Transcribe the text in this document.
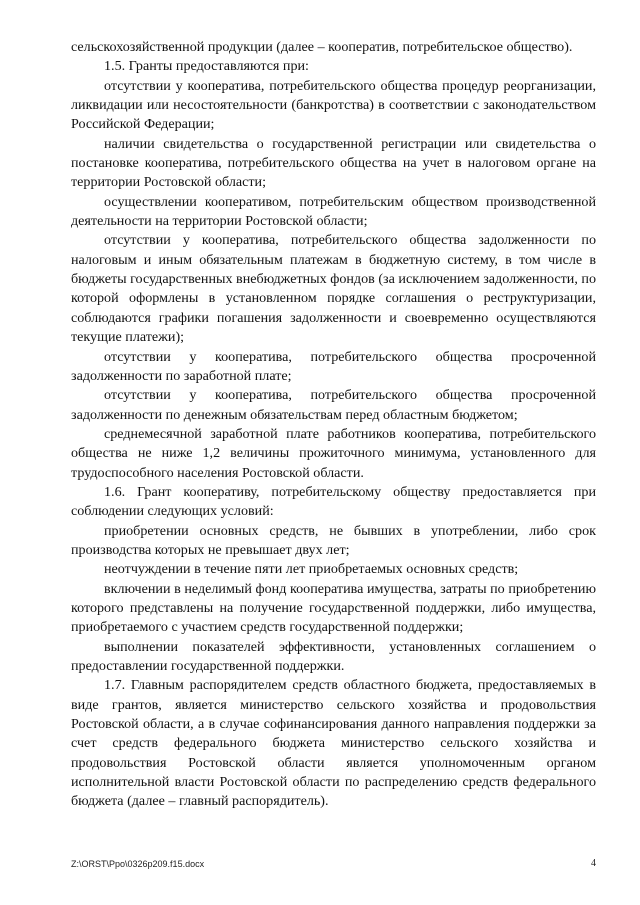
сельскохозяйственной продукции (далее – кооператив, потребительское общество).

1.5. Гранты предоставляются при:

отсутствии у кооператива, потребительского общества процедур реорганизации, ликвидации или несостоятельности (банкротства) в соответствии с законодательством Российской Федерации;

наличии свидетельства о государственной регистрации или свидетельства о постановке кооператива, потребительского общества на учет в налоговом органе на территории Ростовской области;

осуществлении кооперативом, потребительским обществом производственной деятельности на территории Ростовской области;

отсутствии у кооператива, потребительского общества задолженности по налоговым и иным обязательным платежам в бюджетную систему, в том числе в бюджеты государственных внебюджетных фондов (за исключением задолженности, по которой оформлены в установленном порядке соглашения о реструктуризации, соблюдаются графики погашения задолженности и своевременно осуществляются текущие платежи);

отсутствии у кооператива, потребительского общества просроченной задолженности по заработной плате;

отсутствии у кооператива, потребительского общества просроченной задолженности по денежным обязательствам перед областным бюджетом;

среднемесячной заработной плате работников кооператива, потребительского общества не ниже 1,2 величины прожиточного минимума, установленного для трудоспособного населения Ростовской области.

1.6. Грант кооперативу, потребительскому обществу предоставляется при соблюдении следующих условий:

приобретении основных средств, не бывших в употреблении, либо срок производства которых не превышает двух лет;

неотчуждении в течение пяти лет приобретаемых основных средств;

включении в неделимый фонд кооператива имущества, затраты по приобретению которого представлены на получение государственной поддержки, либо имущества, приобретаемого с участием средств государственной поддержки;

выполнении показателей эффективности, установленных соглашением о предоставлении государственной поддержки.

1.7. Главным распорядителем средств областного бюджета, предоставляемых в виде грантов, является министерство сельского хозяйства и продовольствия Ростовской области, а в случае софинансирования данного направления поддержки за счет средств федерального бюджета министерство сельского хозяйства и продовольствия Ростовской области является уполномоченным органом исполнительной власти Ростовской области по распределению средств федерального бюджета (далее – главный распорядитель).

Z:\ORST\Ppo\0326p209.f15.docx	4
